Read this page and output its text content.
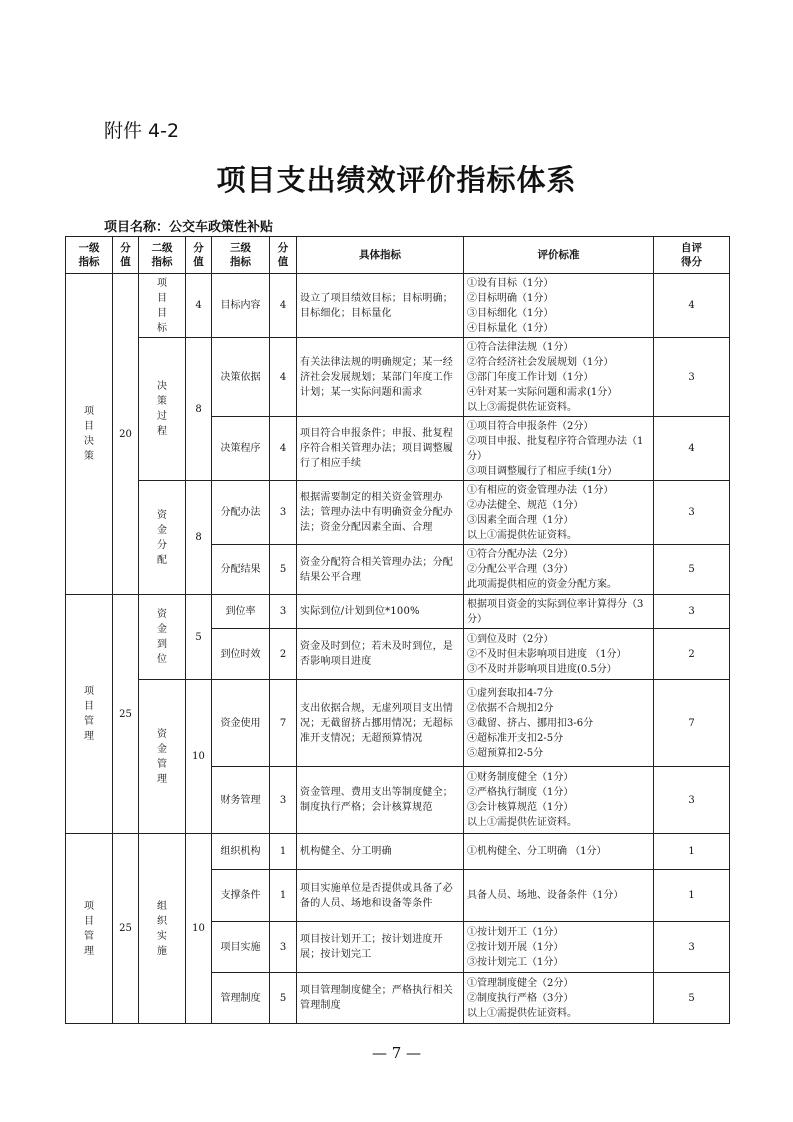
附件 4-2
项目支出绩效评价指标体系
项目名称：公交车政策性补贴
一级指标	分值	二级指标	分值	三级指标	分值	具体指标	评价标准	自评得分
项目决策	20	项目目标	4	目标内容	4	设立了项目绩效目标；目标明确；目标细化；目标量化	①设有目标（1分）
②目标明确（1分）
③目标细化（1分）
④目标量化（1分）	4
		决策过程	8	决策依据	4	有关法律法规的明确规定；某一经济社会发展规划；某部门年度工作计划；某一实际问题和需求	①符合法律法规（1分）
②符合经济社会发展规划（1分）
③部门年度工作计划（1分）
④针对某一实际问题和需求(1分）
以上③需提供佐证资料。	3
				决策程序	4	项目符合申报条件；申报、批复程序符合相关管理办法；项目调整履行了相应手续	①项目符合申报条件（2分）
②项目申报、批复程序符合管理办法（1分）
③项目调整履行了相应手续(1分）	4
		资金分配	8	分配办法	3	根据需要制定的相关资金管理办法；管理办法中有明确资金分配办法；资金分配因素全面、合理	①有相应的资金管理办法（1分）
②办法健全、规范（1分）
③因素全面合理（1分）
以上①需提供佐证资料。	3
				分配结果	5	资金分配符合相关管理办法；分配结果公平合理	①符合分配办法（2分）
②分配公平合理（3分）
此项需提供相应的资金分配方案。	5
项目管理	25	资金到位	5	到位率	3	实际到位/计划到位*100%	根据项目资金的实际到位率计算得分（3分）	3
				到位时效	2	资金及时到位；若未及时到位，是否影响项目进度	①到位及时（2分）
②不及时但未影响项目进度 （1分）
③不及时并影响项目进度(0.5分）	2
		资金管理	10	资金使用	7	支出依据合规，无虚列项目支出情况；无截留挤占挪用情况；无超标准开支情况；无超预算情况	①虚列套取扣4-7分
②依据不合规扣2分
③截留、挤占、挪用扣3-6分
④超标准开支扣2-5分
⑤超预算扣2-5分	7
				财务管理	3	资金管理、费用支出等制度健全；制度执行严格；会计核算规范	①财务制度健全（1分）
②严格执行制度（1分）
③会计核算规范（1分）
以上①需提供佐证资料。	3
项目管理	25	组织实施	10	组织机构	1	机构健全、分工明确	①机构健全、分工明确 （1分）	1
				支撑条件	1	项目实施单位是否提供或具备了必备的人员、场地和设备等条件	具备人员、场地、设备条件（1分）	1
				项目实施	3	项目按计划开工；按计划进度开展；按计划完工	①按计划开工（1分）
②按计划开展（1分）
③按计划完工（1分）	3
				管理制度	5	项目管理制度健全；严格执行相关管理制度	①管理制度健全（2分）
②制度执行严格（3分）
以上①需提供佐证资料。	5
— 7 —
